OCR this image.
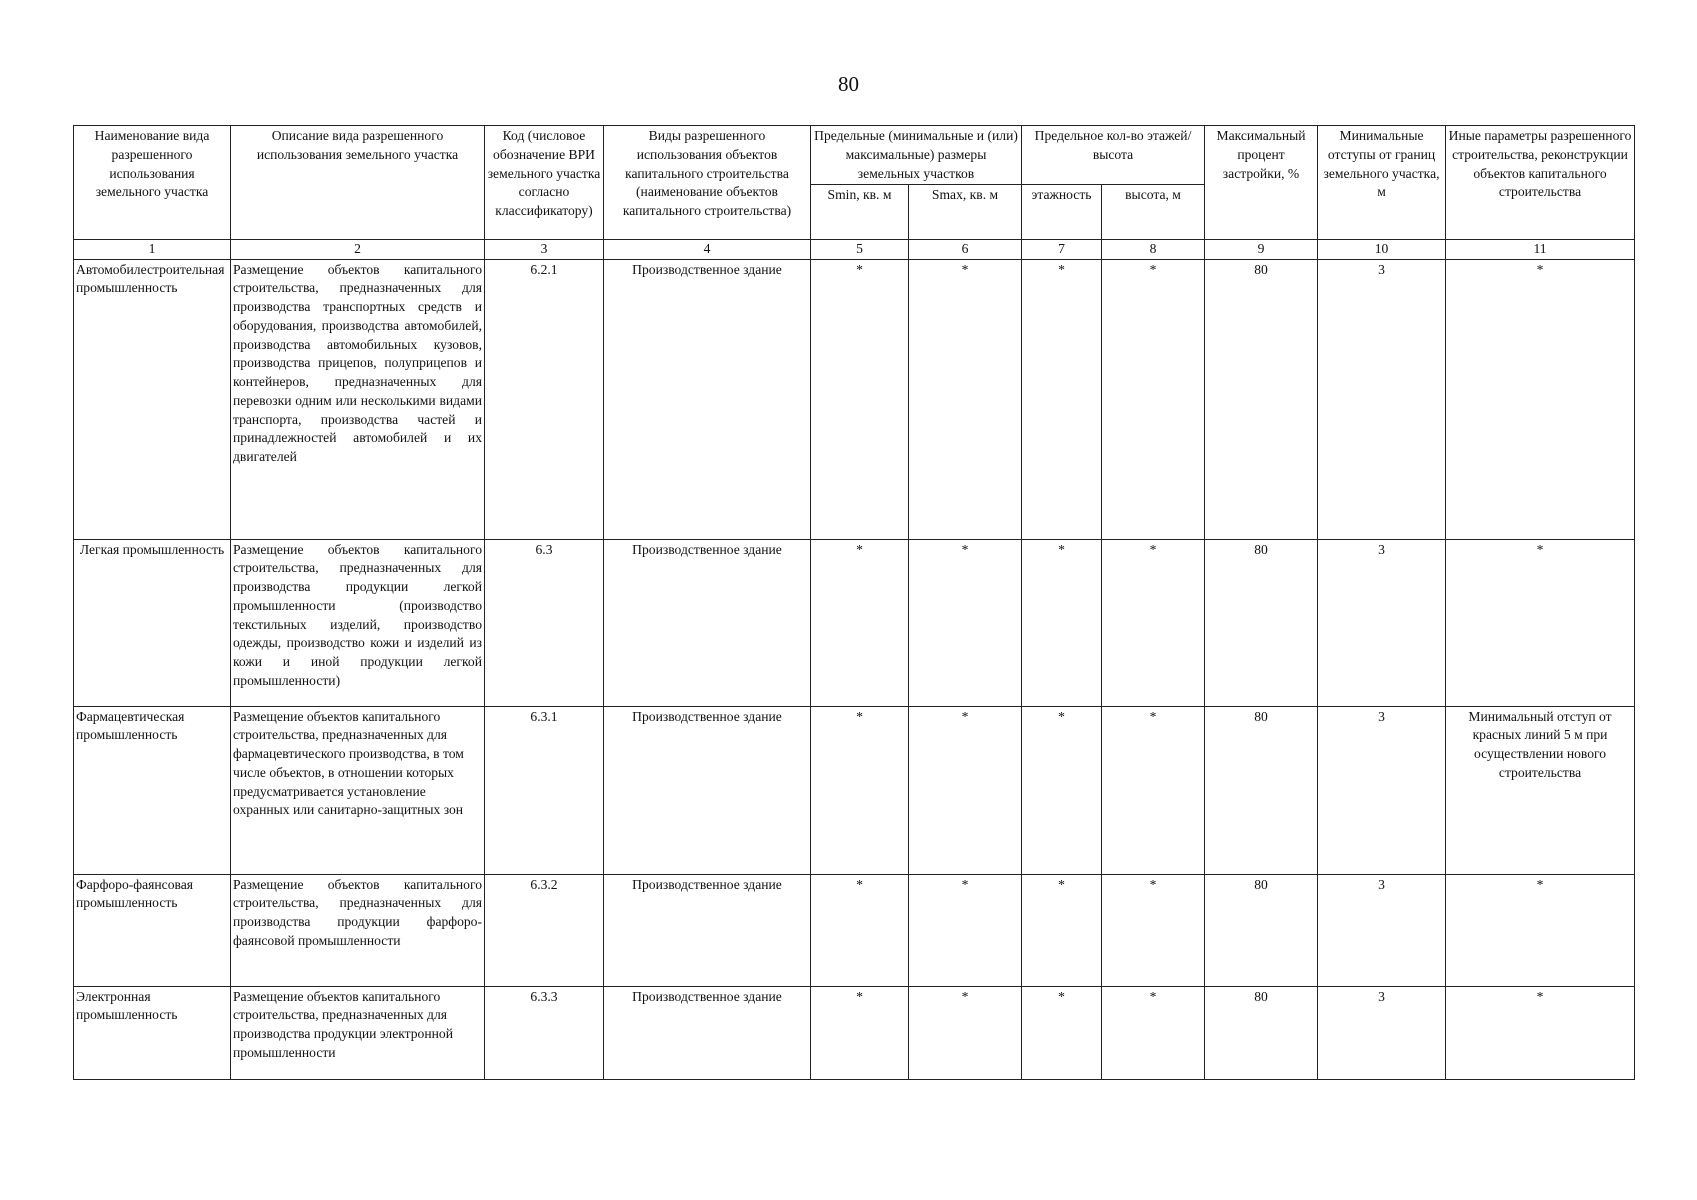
80
Наименование вида разрешенного использования земельного участка	Описание вида разрешенного использования земельного участка	Код (числовое обозначение ВРИ земельного участка согласно классификатору)	Виды разрешенного использования объектов капитального строительства (наименование объектов капитального строительства)	Предельные (минимальные и (или) максимальные) размеры земельных участков		Предельное кол-во этажей/высота		Максимальный процент застройки, %	Минимальные отступы от границ земельного участка, м	Иные параметры разрешенного строительства, реконструкции объектов капитального строительства
				Smin, кв. м	Smax, кв. м	этажность	высота, м			
1	2	3	4	5	6	7	8	9	10	11
Автомобилестроительная промышленность	Размещение объектов капитального строительства, предназначенных для производства транспортных средств и оборудования, производства автомобилей, производства автомобильных кузовов, производства прицепов, полуприцепов и контейнеров, предназначенных для перевозки одним или несколькими видами транспорта, производства частей и принадлежностей автомобилей и их двигателей	6.2.1	Производственное здание	*	*	*	*	80	3	*
Легкая промышленность	Размещение объектов капитального строительства, предназначенных для производства продукции легкой промышленности (производство текстильных изделий, производство одежды, производство кожи и изделий из кожи и иной продукции легкой промышленности)	6.3	Производственное здание	*	*	*	*	80	3	*
Фармацевтическая промышленность	Размещение объектов капитального строительства, предназначенных для фармацевтического производства, в том числе объектов, в отношении которых предусматривается установление охранных или санитарно-защитных зон	6.3.1	Производственное здание	*	*	*	*	80	3	Минимальный отступ от красных линий 5 м при осуществлении нового строительства
Фарфоро-фаянсовая промышленность	Размещение объектов капитального строительства, предназначенных для производства продукции фарфоро-фаянсовой промышленности	6.3.2	Производственное здание	*	*	*	*	80	3	*
Электронная промышленность	Размещение объектов капитального строительства, предназначенных для производства продукции электронной промышленности	6.3.3	Производственное здание	*	*	*	*	80	3	*
